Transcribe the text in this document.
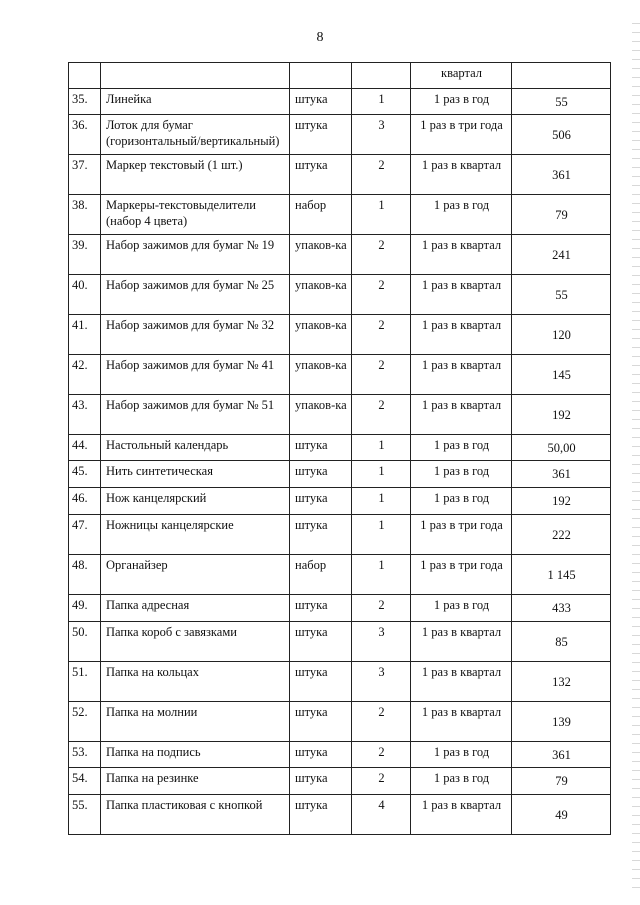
8
				квартал	
35.	Линейка	штука	1	1 раз в год	55
36.	Лоток для бумаг (горизонтальный/вертикальный)	штука	3	1 раз в три года	506
37.	Маркер текстовый (1 шт.)	штука	2	1 раз в квартал	361
38.	Маркеры-текстовыделители (набор 4 цвета)	набор	1	1 раз в год	79
39.	Набор зажимов для бумаг № 19	упаков-ка	2	1 раз в квартал	241
40.	Набор зажимов для бумаг № 25	упаков-ка	2	1 раз в квартал	55
41.	Набор зажимов для бумаг № 32	упаков-ка	2	1 раз в квартал	120
42.	Набор зажимов для бумаг № 41	упаков-ка	2	1 раз в квартал	145
43.	Набор зажимов для бумаг № 51	упаков-ка	2	1 раз в квартал	192
44.	Настольный календарь	штука	1	1 раз в год	50,00
45.	Нить синтетическая	штука	1	1 раз в год	361
46.	Нож канцелярский	штука	1	1 раз в год	192
47.	Ножницы канцелярские	штука	1	1 раз в три года	222
48.	Органайзер	набор	1	1 раз в три года	1 145
49.	Папка адресная	штука	2	1 раз в год	433
50.	Папка короб с завязками	штука	3	1 раз в квартал	85
51.	Папка на кольцах	штука	3	1 раз в квартал	132
52.	Папка на молнии	штука	2	1 раз в квартал	139
53.	Папка на подпись	штука	2	1 раз в год	361
54.	Папка на резинке	штука	2	1 раз в год	79
55.	Папка пластиковая с кнопкой	штука	4	1 раз в квартал	49
